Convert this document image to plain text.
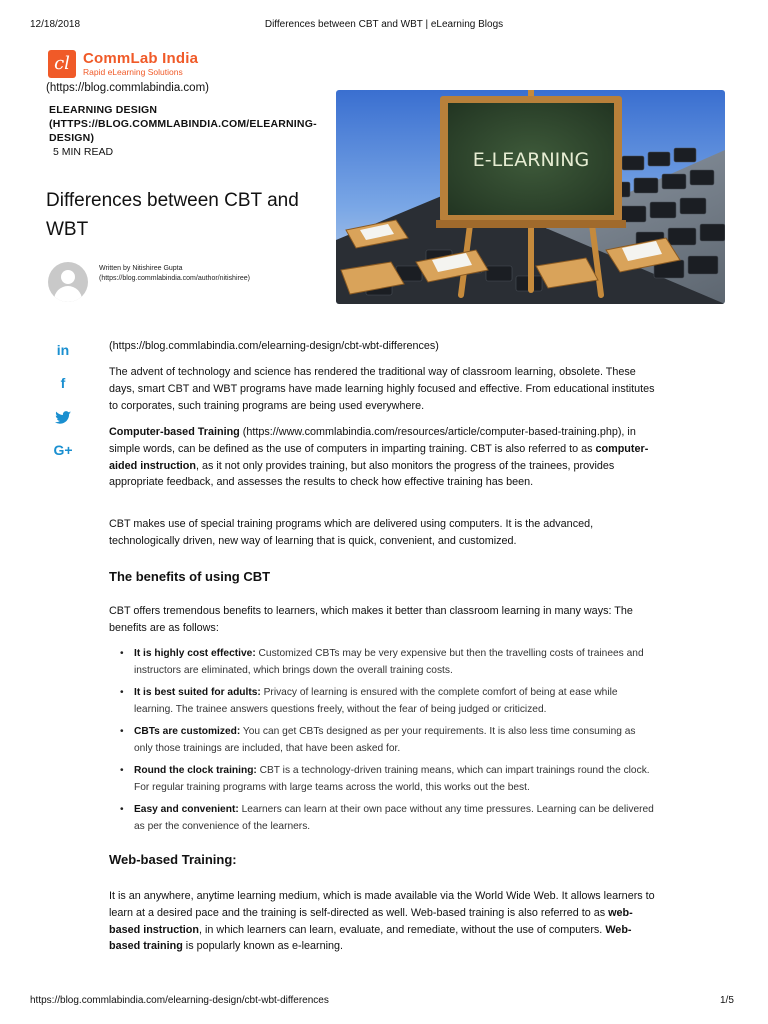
12/18/2018	Differences between CBT and WBT | eLearning Blogs
https://blog.commlabindia.com/elearning-design/cbt-wbt-differences	1/5
cl CommLab India
Rapid eLearning Solutions
(https://blog.commlabindia.com)
ELEARNING DESIGN
(HTTPS://BLOG.COMMLABINDIA.COM/ELEARNING-
DESIGN)
5 MIN READ
Differences between CBT and WBT
Written by Nitishiree Gupta
(https://blog.commlabindia.com/author/nitishiree)
E-LEARNING
in
f
G+
(https://blog.commlabindia.com/elearning-design/cbt-wbt-differences)
The advent of technology and science has rendered the traditional way of classroom learning, obsolete. These days, smart CBT and WBT programs have made learning highly focused and effective. From educational institutes to corporates, such training programs are being used everywhere.
Computer-based Training (https://www.commlabindia.com/resources/article/computer-based-training.php), in simple words, can be defined as the use of computers in imparting training. CBT is also referred to as computer-aided instruction, as it not only provides training, but also monitors the progress of the trainees, provides appropriate feedback, and assesses the results to check how effective training has been.
CBT makes use of special training programs which are delivered using computers. It is the advanced, technologically driven, new way of learning that is quick, convenient, and customized.
The benefits of using CBT
CBT offers tremendous benefits to learners, which makes it better than classroom learning in many ways: The benefits are as follows:
• It is highly cost effective: Customized CBTs may be very expensive but then the travelling costs of trainees and instructors are eliminated, which brings down the overall training costs.
• It is best suited for adults: Privacy of learning is ensured with the complete comfort of being at ease while learning. The trainee answers questions freely, without the fear of being judged or criticized.
• CBTs are customized: You can get CBTs designed as per your requirements. It is also less time consuming as only those trainings are included, that have been asked for.
• Round the clock training: CBT is a technology-driven training means, which can impart trainings round the clock. For regular training programs with large teams across the world, this works out the best.
• Easy and convenient: Learners can learn at their own pace without any time pressures. Learning can be delivered as per the convenience of the learners.
Web-based Training:
It is an anywhere, anytime learning medium, which is made available via the World Wide Web. It allows learners to learn at a desired pace and the training is self-directed as well. Web-based training is also referred to as web-based instruction, in which learners can learn, evaluate, and remediate, without the use of computers. Web-based training is popularly known as e-learning.
